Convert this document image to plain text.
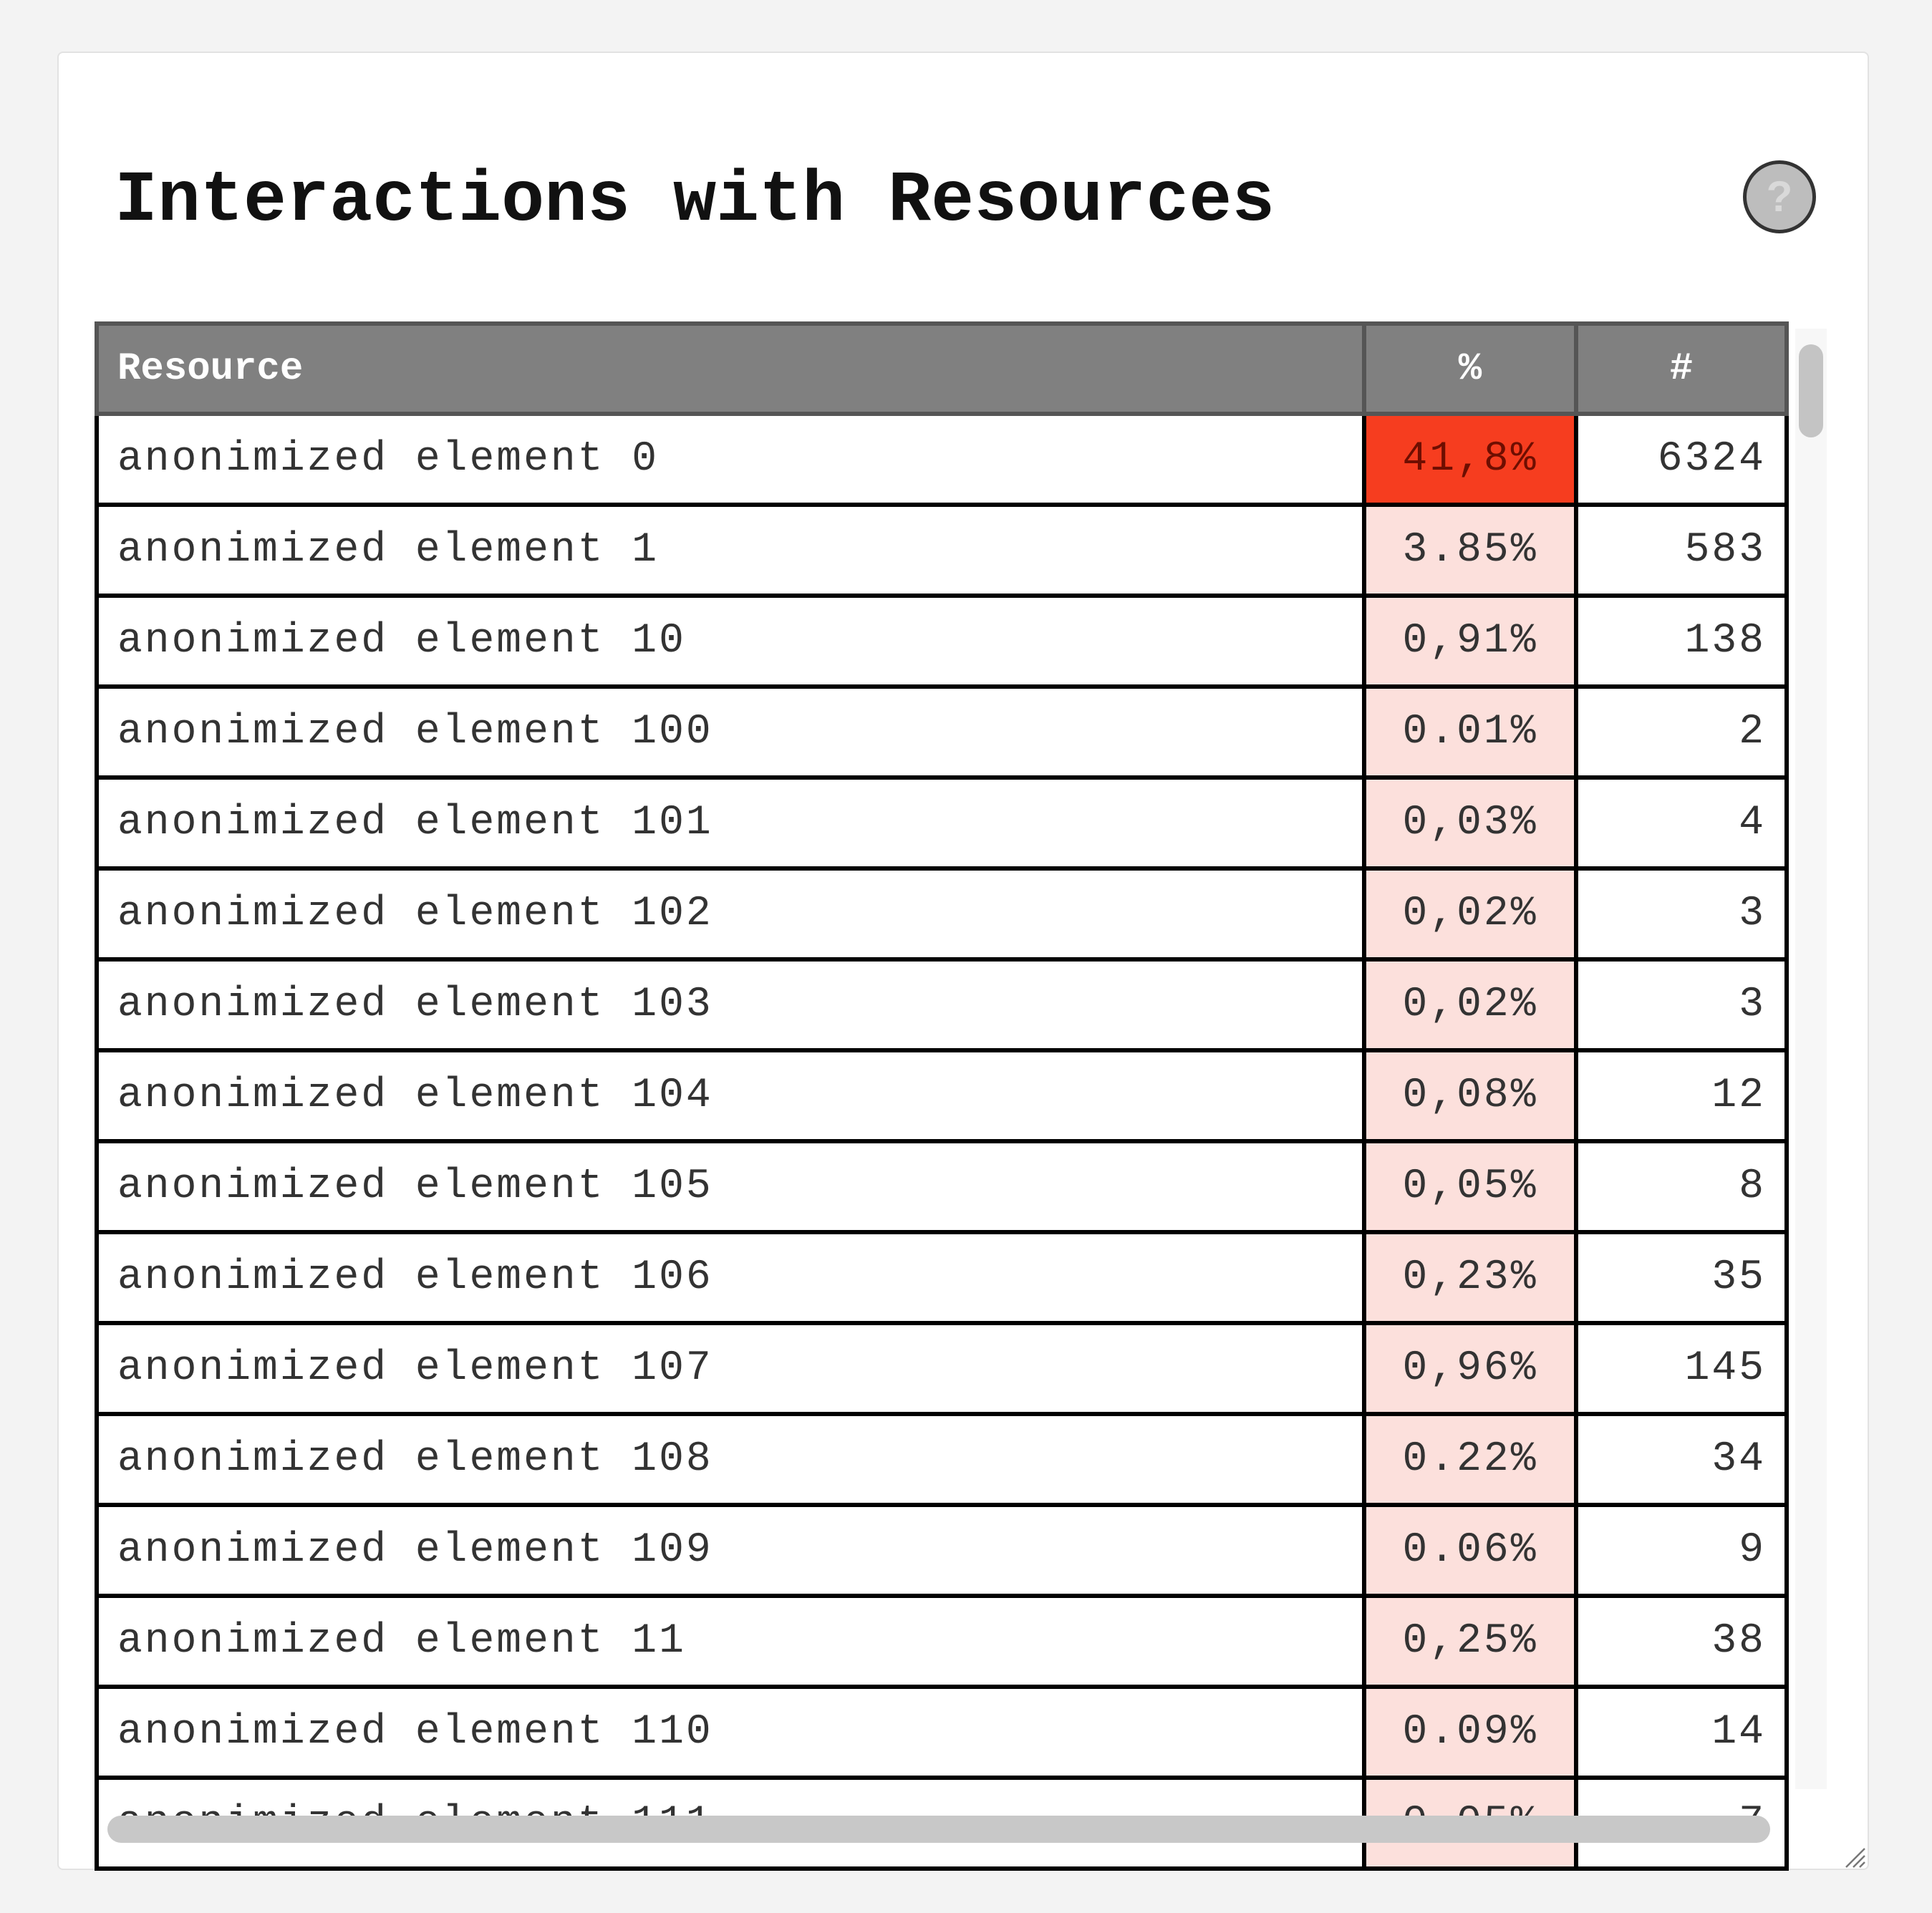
Interactions with Resources	?
Resource	%	#
anonimized element 0	41,8%	6324
anonimized element 1	3.85%	583
anonimized element 10	0,91%	138
anonimized element 100	0.01%	2
anonimized element 101	0,03%	4
anonimized element 102	0,02%	3
anonimized element 103	0,02%	3
anonimized element 104	0,08%	12
anonimized element 105	0,05%	8
anonimized element 106	0,23%	35
anonimized element 107	0,96%	145
anonimized element 108	0.22%	34
anonimized element 109	0.06%	9
anonimized element 11	0,25%	38
anonimized element 110	0.09%	14
